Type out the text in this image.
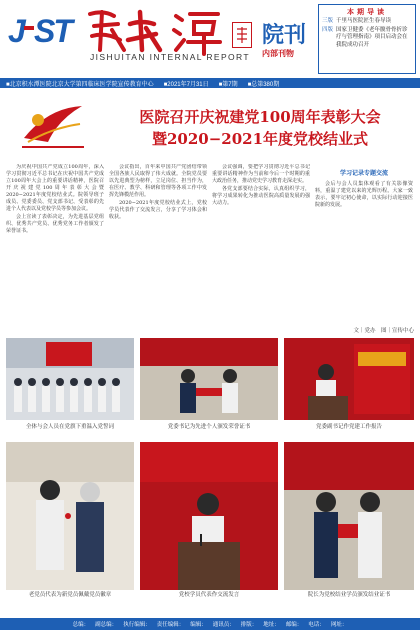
J ST
JISHUITAN INTERNAL REPORT
院刊
内部刊物
本期导读
三版 千里马医院匠生春导读
四版 国家卫健委《老年髋骨骨折诊疗与管理指南》项目启动会在我院成功召开
■北京积水潭医院北京大学第四临床医学院宣传教育中心 ■2021年7月31日 ■第7期 ■总第380期
医院召开庆祝建党100周年表彰大会
暨2020−2021年度党校结业式

为庆祝中国共产党成立100周年，深入学习贯彻习近平总书记在庆祝中国共产党成立100周年大会上的重要讲话精神，医院召开庆祝建党100周年表彰大会暨2020−2021年度党校结业式。院领导班子成员、党委委员、党支部书记、受表彰的先进个人代表以及党校学员等参加会议。

会上宣读了表彰决定，为先进基层党组织、优秀共产党员、优秀党务工作者颁发了荣誉证书。

会议指出，百年来中国共产党团结带领全国各族人民取得了伟大成就。全院党员要以先进典型为榜样，立足岗位、担当作为，在医疗、教学、科研和管理等各项工作中发挥先锋模范作用。

2020−2021年度党校结业式上，党校学员代表作了交流发言，分享了学习体会和收获。

会议强调，要把学习贯彻习近平总书记重要讲话精神作为当前和今后一个时期的重大政治任务，推动党史学习教育走深走实。

各党支部要结合实际，认真组织学习，将学习成果转化为推动医院高质量发展的强大动力。

学习记录专题交流

会后与会人员集体观看了有关影像资料，重温了建党以来的光辉历程。大家一致表示，要牢记初心使命，以实际行动迎接医院新的发展。

文｜党办　图｜宣传中心
全体与会人员在党旗下重温入党誓词	党委书记为先进个人颁发荣誉证书	党委副书记作党建工作报告
老党员代表为新党员佩戴党员徽章	党校学员代表作交流发言	院长为党校结业学员颁发结业证书
总编： 副总编： 执行编辑： 责任编辑： 编辑： 通讯员： 排版： 地址： 邮编： 电话： 网址：
